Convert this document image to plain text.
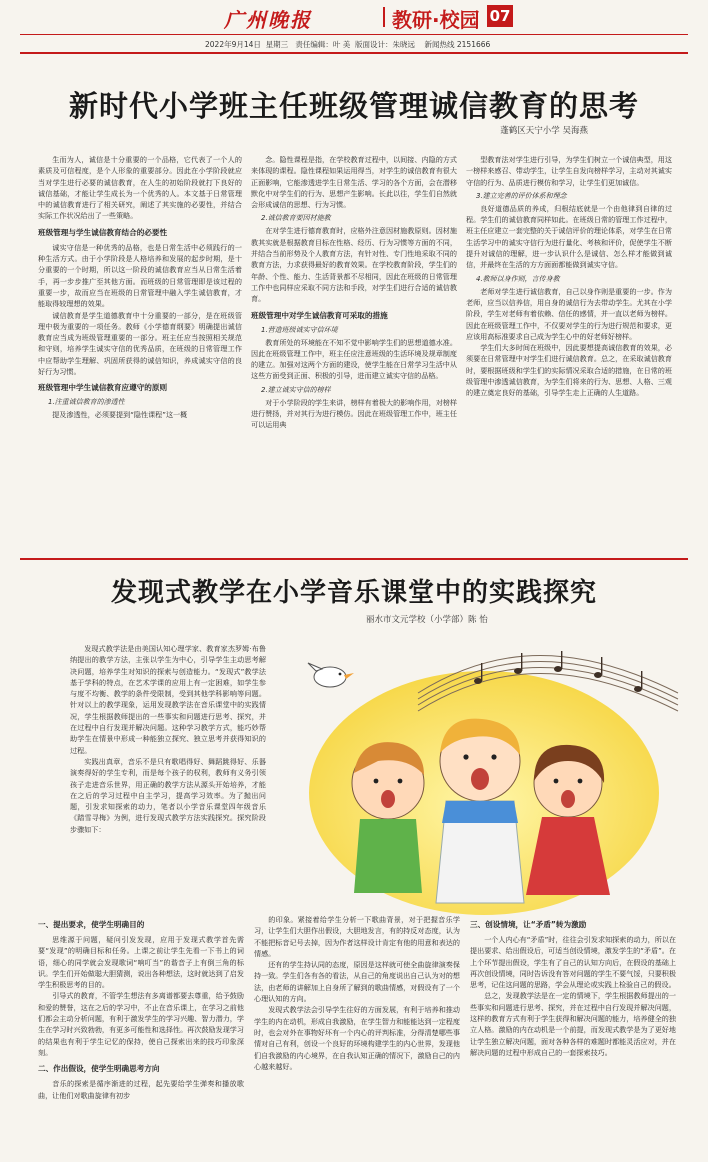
广州晚报	教研·校园 07
2022年9月14日  星期三   责任编辑：叶 美  版面设计：朱晓远    新闻热线 2151666
新时代小学班主任班级管理诚信教育的思考
蓬鹤区天宁小学 吴海燕

生而为人，诚信是十分重要的一个品格，它代表了一个人的素质及可信程度，是个人形象的重要部分。因此在小学阶段就应当对学生进行必要的诚信教育，在人生的初始阶段就打下良好的诚信基础，才能让学生成长为一个优秀的人。本文基于日常管理中的诚信教育进行了相关研究，阐述了其实施的必要性，并结合实际工作状况给出了一些策略。

班级管理与学生诚信教育结合的必要性

诚实守信是一种优秀的品格，也是日常生活中必须践行的一种生活方式。由于小学阶段是人格培养和发展的起步时期，是十分重要的一个时期，所以这一阶段的诚信教育应当从日常生活着手，再一步步推广至其他方面。而班级的日常管理即是该过程的重要一步，故而应当在班级的日常管理中融入学生诚信教育，才能取得较理想的效果。

诚信教育是学生道德教育中十分重要的一部分，是在班级管理中极为重要的一项任务。教师《小学德育纲要》明确提出诚信教育应当成为班级管理重要的一部分。班主任应当按照相关规范和守则，培养学生诚实守信的优秀品质，在班级的日常管理工作中应帮助学生理解、巩固所获得的诚信知识，养成诚实守信的良好行为习惯。

班级管理中学生诚信教育应遵守的原则
1.注重诚信教育的渗透性

提及渗透性，必须要提到“隐性课程”这一概

念。隐性课程是指，在学校教育过程中，以间接、内隐的方式来体现的课程。隐性课程如果运用得当，对学生的诚信教育有很大正面影响，它能渗透进学生日常生活、学习的各个方面，会在潜移默化中对学生们的行为、思想产生影响。长此以往，学生们自然就会形成诚信的思想、行为习惯。

2.诚信教育要因材施教

在对学生进行德育教育时，应格外注意因材施教原则。因材施教其实就是根据教育目标在性格、经历、行为习惯等方面的不同，并结合当前形势及个人教育方法，有针对性、专门性地采取不同的教育方法，力求获得最好的教育效果。在学校教育阶段，学生们的年龄、个性、能力、生活背景都不尽相同，因此在班级的日常管理工作中也同样应采取不同方法和手段，对学生们进行合适的诚信教育。

班级管理中对学生诚信教育可采取的措施
1.营造班级诚实守信环境

教育所处的环境能在不知不觉中影响学生们的思想道德水准。因此在班级管理工作中，班主任应注意班级的生活环境及规章制度的建立。加强对这两个方面的建设，使学生能在日常学习生活中从这些方面受到正面、积极的引导，进而建立诚实守信的品格。

2.建立诚实守信的榜样

对于小学阶段的学生来讲，榜样有着极大的影响作用，对榜样进行赞扬，并对其行为进行模仿。因此在班级管理工作中，班主任可以运用典

型教育法对学生进行引导，为学生们树立一个诚信典型，用这一榜样来感召、带动学生，让学生自发向榜样学习，主动对其诚实守信的行为、品质进行模仿和学习，让学生们更加诚信。

3.建立完善的评价体系和理念

良好道德品质的养成，归根结底就是一个由他律到自律的过程。学生们的诚信教育同样如此。在班级日常的管理工作过程中，班主任应建立一套完整的关于诚信评价的理论体系，对学生在日常生活学习中的诚实守信行为进行量化、考核和评价，促使学生不断提升对诚信的理解，进一步认识什么是诚信、怎么样才能做到诚信，并最终在生活的方方面面都能做到诚实守信。

4.教师以身作则，言传身教

老师对学生进行诚信教育，自己以身作则是重要的一步。作为老师，应当以信养信，用自身的诚信行为去带动学生。尤其在小学阶段，学生对老师有着依赖、信任的感情，并一直以老师为榜样。因此在班级管理工作中，不仅要对学生的行为进行规范和要求，更应该用高标准要求自己成为学生心中的好老师好榜样。

学生们大多时间在班级中，因此要想提高诚信教育的效果，必须要在日常管理中对学生们进行诚信教育。总之，在采取诚信教育时，要根据班级和学生们的实际情况采取合适的措施，在日常的班级管理中渗透诚信教育，为学生们将来的行为、思想、人格、三观的建立奠定良好的基础，引导学生走上正确的人生道路。

发现式教学在小学音乐课堂中的实践探究
丽水市文元学校（小学部）陈 怡

发现式教学法是由美国认知心理学家、教育家杰罗姆·布鲁纳提出的教学方法，主张以学生为中心，引导学生主动思考解决问题，培养学生对知识的探索与创造能力。“发现式”教学法基于学科的特点，在艺术学课的应用上有一定困难，如学生参与度不均衡、教学的条件受限制，受到其他学科影响等问题。针对以上的教学现象，运用发现教学法在音乐课堂中的实践情况，学生根据教师提出的一些事实和问题进行思考、探究，并在过程中自行发现并解决问题。这种学习教学方式，能巧妙帮助学生在情景中形成一种能独立探究、独立思考并获得知识的过程。

实践出真章，音乐不是只有歌唱得好、舞蹈跳得好、乐器演奏得好的学生专利，而是每个孩子的权利，教师有义务引领孩子走进音乐世界，用正确的教学方法从源头开始培养，才能在之后的学习过程中自主学习，提高学习效率。为了抛出问题，引发求知探索的动力，笔者以小学音乐课堂四年级音乐《踏雪寻梅》为例，进行发现式教学方法实践探究。探究阶段步骤如下：

一、提出要求，使学生明确目的

思维源于问题，疑问引发发现，应用于发现式教学首先需要“发现”的明确目标和任务。上课之前让学生先看一下书上的词语，细心的同学就会发现歌词“响叮当”的谐音子上有倒三角的标识。学生们开始做聪大胆猜测，说出各种想法，这时就达到了启发学生积极思考的目的。

引导式的教育，不管学生想法有多离谱都要去尊重，给予鼓励和爱的赞誉，这在之后的学习中，不止在音乐课上，在学习之前他们都会主动分析问题，有利于激发学生的学习兴趣、智力潜力，学生在学习时兴致勃勃，有更多可能性和选择性。再次鼓励发现学习的结果也有利于学生记忆的保持，使自己探索出来的技巧印象深刻。

二、作出假设，使学生明确思考方向

音乐的探索是循序渐进的过程，起先要给学生弹奏和播放歌曲，让他们对歌曲旋律有初步

的印象。紧接着给学生分析一下歌曲背景，对于把握音乐学习，让学生们大胆作出假设，大胆地发言，有的持反对态度，认为不能把标音记号去掉，因为作者这样设计肯定有他的用意和表达的情感。

还有的学生持认同的态度，原因是这样就可使全曲旋律演奏保持一致。学生们各有各的看法，从自己的角度说出自己认为对的想法，由老师的讲解加上自身所了解到的歌曲情感，对假设有了一个心理认知的方向。

发现式教学法会引导学生往好的方面发展，有利于培养和推动学生的内在动机，形成自我激励，在学生智力和能能达到一定程度时，也会对外在事物好坏有一个内心的评判标准，分得清楚哪些事情对自己有利，创设一个良好的环境构建学生的内心世界，发现他们自我激励的内心境界，在自我认知正确的情况下，激励自己的内心越来越好。

三、创设情境，让“矛盾”转为激励

一个人内心有“矛盾”时，往往会引发求知探索的动力，所以在提出要求、给出假设后，可适当创设情境，激发学生的“矛盾”。在上个环节提出假设，学生有了自己的认知方向后，在假设的基础上再次创设情境，同时告诉没有答对问题的学生不要气馁，只要积极思考，记住这问题的思路，学会从理论或实践上检验自己的假设。

总之，发现教学法是在一定的情境下，学生根据教师提出的一些事实和问题进行思考、探究，并在过程中自行发现并解决问题，这样的教育方式有利于学生获得和解决问题的能力，培养健全的独立人格。激励的内在动机是一个前提，而发现式教学是为了更好地让学生独立解决问题，面对各种各样的难题时都能灵活应对，并在解决问题的过程中形成自己的一套探索技巧。
